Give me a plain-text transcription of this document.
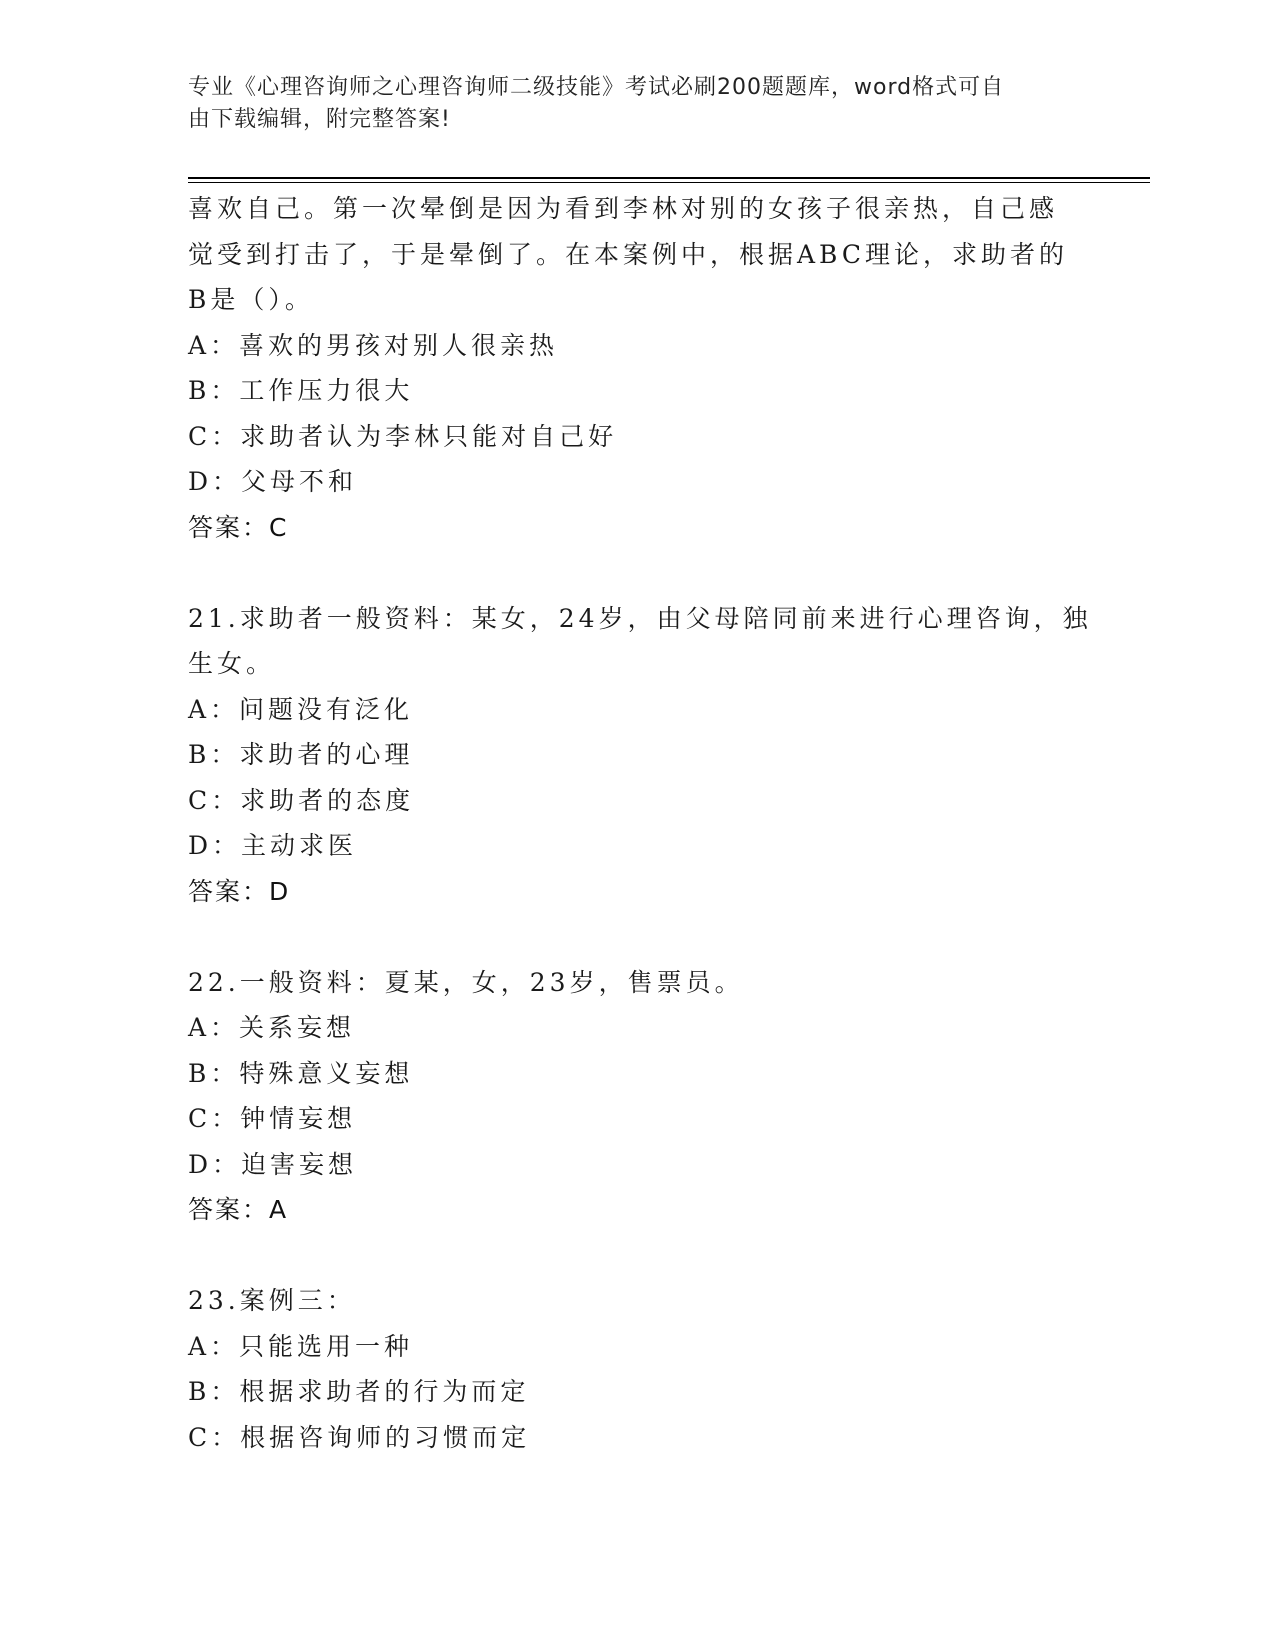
专业《心理咨询师之心理咨询师二级技能》考试必刷200题题库，word格式可自
由下载编辑，附完整答案!
喜欢自己。第一次晕倒是因为看到李林对别的女孩子很亲热，自己感
觉受到打击了，于是晕倒了。在本案例中，根据ABC理论，求助者的
B是（）。
A：喜欢的男孩对别人很亲热
B：工作压力很大
C：求助者认为李林只能对自己好
D：父母不和
答案：C
21.求助者一般资料：某女，24岁，由父母陪同前来进行心理咨询，独
生女。
A：问题没有泛化
B：求助者的心理
C：求助者的态度
D：主动求医
答案：D
22.一般资料：夏某，女，23岁，售票员。
A：关系妄想
B：特殊意义妄想
C：钟情妄想
D：迫害妄想
答案：A
23.案例三：
A：只能选用一种
B：根据求助者的行为而定
C：根据咨询师的习惯而定
